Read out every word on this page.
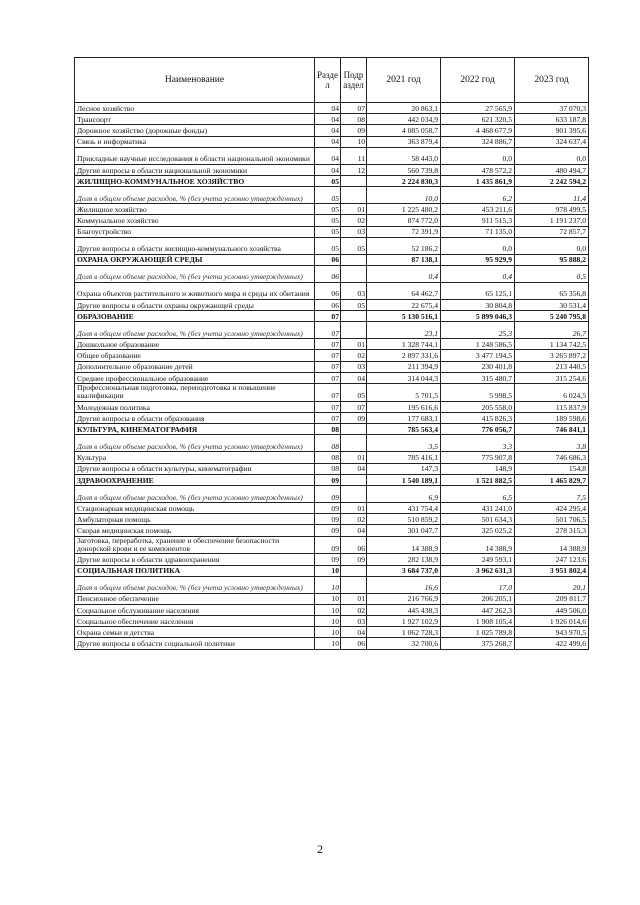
Наименование	Разде л	Подр аздел	2021 год	2022 год	2023 год
Лесное хозяйство	04	07	20 863,1	27 565,9	37 070,3
Транспорт	04	08	442 034,9	621 320,5	633 187,8
Дорожное хозяйство (дорожные фонды)	04	09	4 085 058,7	4 468 677,9	901 395,6
Связь и информатика	04	10	363 879,4	324 886,7	324 637,4
Прикладные научные исследования в области национальной экономики	04	11	58 443,0	0,0	0,0
Другие вопросы в области национальной экономики	04	12	560 739,8	478 572,2	480 494,7
ЖИЛИЩНО-КОММУНАЛЬНОЕ ХОЗЯЙСТВО	05		2 224 830,3	1 435 861,9	2 242 594,2
Доля в общем объеме расходов, % (без учета условно утвержденных)	05		10,0	6,2	11,4
Жилищное хозяйство	05	01	1 225 480,2	453 211,6	978 499,5
Коммунальное хозяйство	05	02	874 772,0	911 515,3	1 191 237,0
Благоустройство	05	03	72 391,9	71 135,0	72 857,7
Другие вопросы в области жилищно-коммунального хозяйства	05	05	52 186,2	0,0	0,0
ОХРАНА ОКРУЖАЮЩЕЙ СРЕДЫ	06		87 138,1	95 929,9	95 888,2
Доля в общем объеме расходов, % (без учета условно утвержденных)	06		0,4	0,4	0,5
Охрана объектов растительного и животного мира и среды их обитания	06	03	64 462,7	65 125,1	65 356,8
Другие вопросы в области охраны окружающей среды	06	05	22 675,4	30 804,8	30 531,4
ОБРАЗОВАНИЕ	07		5 130 516,1	5 899 046,3	5 240 795,8
Доля в общем объеме расходов, % (без учета условно утвержденных)	07		23,1	25,3	26,7
Дошкольное образование	07	01	1 328 744,1	1 248 586,5	1 134 742,5
Общее образование	07	02	2 897 331,6	3 477 194,5	3 265 897,2
Дополнительное образование детей	07	03	211 394,9	230 401,8	213 440,5
Среднее профессиональное образование	07	04	314 044,3	315 480,7	315 254,6
Профессиональная подготовка, переподготовка и повышение квалификации	07	05	5 701,5	5 998,5	6 024,5
Молодежная политика	07	07	195 616,6	205 558,0	115 837,9
Другие вопросы в области образования	07	09	177 683,1	415 826,3	189 598,6
КУЛЬТУРА, КИНЕМАТОГРАФИЯ	08		785 563,4	776 056,7	746 841,1
Доля в общем объеме расходов, % (без учета условно утвержденных)	08		3,5	3,3	3,8
Культура	08	01	785 416,1	775 907,8	746 686,3
Другие вопросы в области культуры, кинематографии	08	04	147,3	148,9	154,8
ЗДРАВООХРАНЕНИЕ	09		1 540 189,1	1 521 882,5	1 465 829,7
Доля в общем объеме расходов, % (без учета условно утвержденных)	09		6,9	6,5	7,5
Стационарная медицинская помощь	09	01	431 754,4	431 241,0	424 295,4
Амбулаторная помощь	09	02	510 859,2	501 634,3	501 706,5
Скорая медицинская помощь	09	04	301 047,7	325 025,2	278 315,3
Заготовка, переработка, хранение и обеспечение безопасности донорской крови и ее компонентов	09	06	14 388,9	14 388,9	14 388,9
Другие вопросы в области здравоохранения	09	09	282 138,9	249 593,1	247 123,6
СОЦИАЛЬНАЯ ПОЛИТИКА	10		3 684 737,0	3 962 631,3	3 951 802,4
Доля в общем объеме расходов, % (без учета условно утвержденных)	10		16,6	17,0	20,1
Пенсионное обеспечение	10	01	216 766,9	206 205,1	209 811,7
Социальное обслуживание населения	10	02	445 438,3	447 262,3	449 506,0
Социальное обеспечение населения	10	03	1 927 102,9	1 908 105,4	1 926 014,6
Охрана семьи и детства	10	04	1 062 728,3	1 025 789,8	943 970,5
Другие вопросы в области социальной политики	10	06	32 700,6	375 268,7	422 499,6
2
